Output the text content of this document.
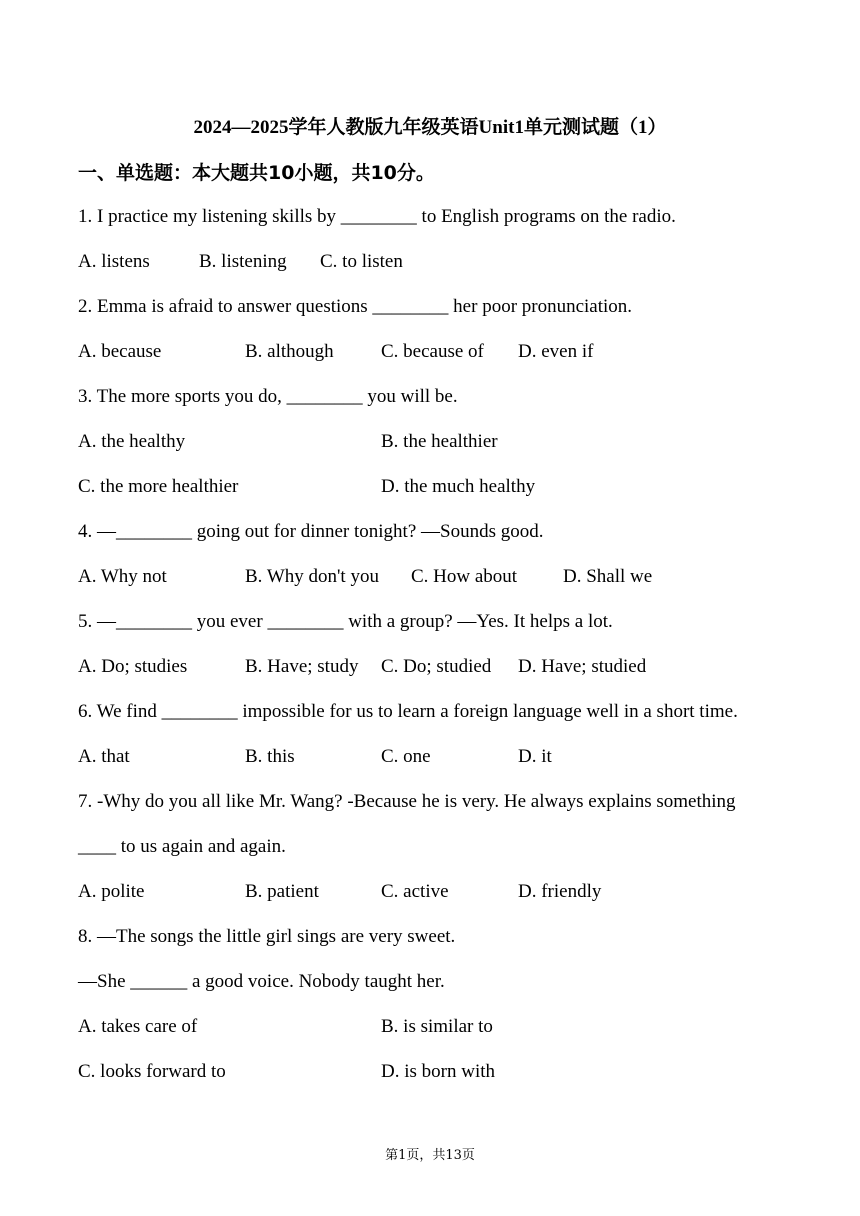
2024—2025学年人教版九年级英语Unit1单元测试题（1）
一、单选题：本大题共10小题，共10分。
1. I practice my listening skills by ________ to English programs on the radio.
A. listens	B. listening C. to listen
2. Emma is afraid to answer questions ________ her poor pronunciation.
A. because	B. although C. because of D. even if
3. The more sports you do, ________ you will be.
A. the healthy	B. the healthier
C. the more healthier	D. the much healthy
4. —________ going out for dinner tonight? —Sounds good.
A. Why not	B. Why don't you C. How about D. Shall we
5. —________ you ever ________ with a group? —Yes. It helps a lot.
A. Do; studies	B. Have; study C. Do; studied D. Have; studied
6. We find ________ impossible for us to learn a foreign language well in a short time.
A. that	B. this	C. one	D. it
7. -Why do you all like Mr. Wang? -Because he is very. He always explains something
____ to us again and again.
A. polite	B. patient	C. active	D. friendly
8. —The songs the little girl sings are very sweet.
—She ______ a good voice. Nobody taught her.
A. takes care of	B. is similar to
C. looks forward to	D. is born with
第1页，共13页
